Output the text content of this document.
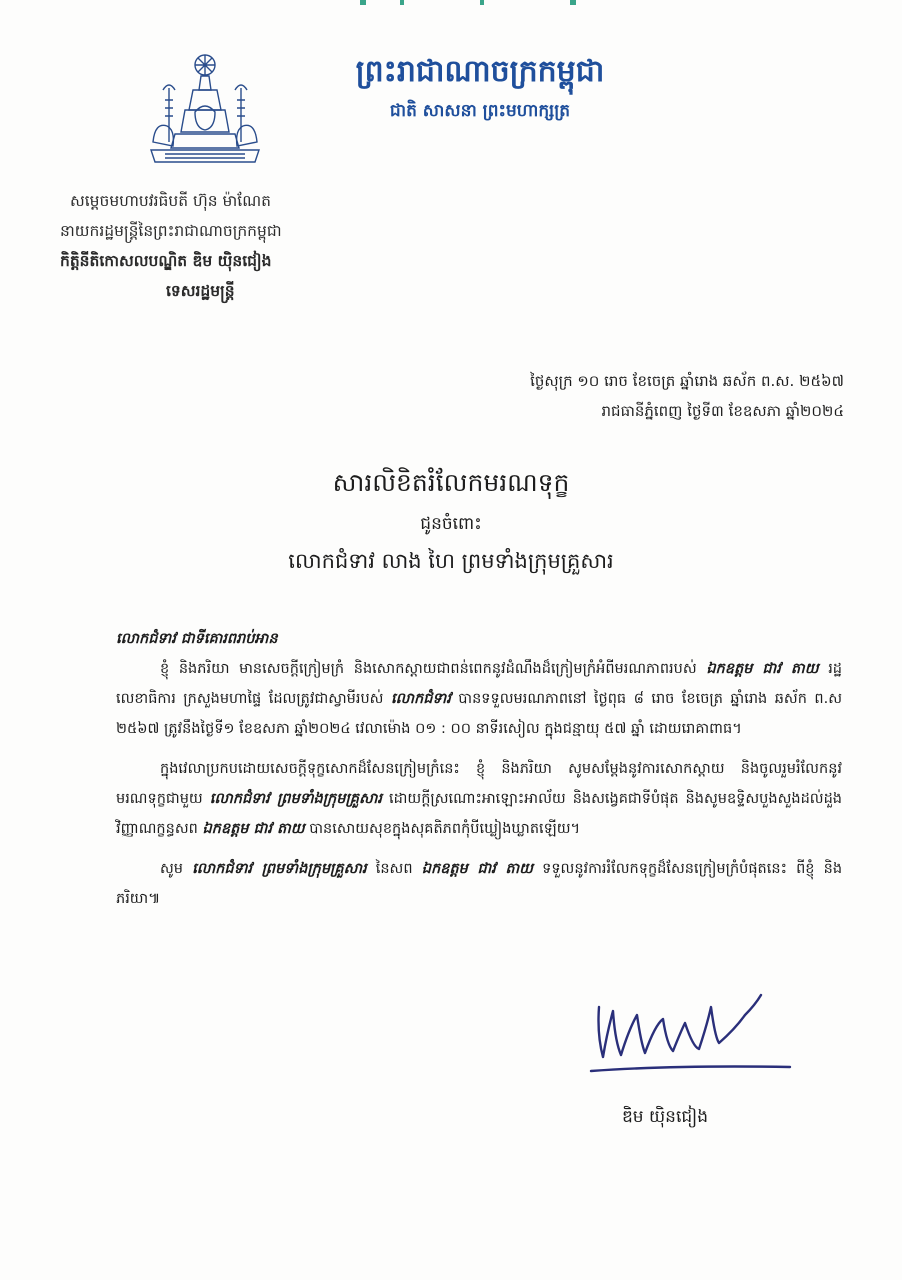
ព្រះរាជាណាចក្រកម្ពុជា
ជាតិ សាសនា ព្រះមហាក្សត្រ
សម្តេចមហាបវរធិបតី ហ៊ុន ម៉ាណែត
នាយករដ្ឋមន្ត្រីនៃព្រះរាជាណាចក្រកម្ពុជា
កិត្តិនីតិកោសលបណ្ឌិត ឌិម យ៉ិនជៀង
ទេសរដ្ឋមន្ត្រី
ថ្ងៃសុក្រ ១០ រោច ខែចេត្រ ឆ្នាំរោង ឆស័ក ព.ស. ២៥៦៧
រាជធានីភ្នំពេញ ថ្ងៃទី៣ ខែឧសភា ឆ្នាំ២០២៤
សារលិខិតរំលែកមរណទុក្ខ
ជូនចំពោះ
លោកជំទាវ លាង ហៃ ព្រមទាំងក្រុមគ្រួសារ
លោកជំទាវ ជាទីគោរពរាប់អាន

ខ្ញុំ និងភរិយា មានសេចក្តីក្រៀមក្រំ និងសោកស្តាយជាពន់ពេកនូវដំណឹងដ៏ក្រៀមក្រំអំពីមរណភាពរបស់ ឯកឧត្តម ជាវ តាយ រដ្ឋលេខាធិការ ក្រសួងមហាផ្ទៃ ដែលត្រូវជាស្វាមីរបស់ លោកជំទាវ បានទទួលមរណភាពនៅ ថ្ងៃពុធ ៨ រោច ខែចេត្រ ឆ្នាំរោង ឆស័ក ព.ស ២៥៦៧ ត្រូវនឹងថ្ងៃទី១ ខែឧសភា ឆ្នាំ២០២៤ វេលាម៉ោង ០១ : ០០ នាទីរសៀល ក្នុងជន្មាយុ ៥៧ ឆ្នាំ ដោយរោគាពាធ។

ក្នុងវេលាប្រកបដោយសេចក្តីទុក្ខសោកដ៏សែនក្រៀមក្រំនេះ ខ្ញុំ និងភរិយា សូមសម្តែងនូវការសោកស្តាយ និងចូលរួមរំលែកនូវមរណទុក្ខជាមួយ លោកជំទាវ ព្រមទាំងក្រុមគ្រួសារ ដោយក្តីស្រណោះអាឡោះអាល័យ និងសង្វេគជាទីបំផុត និងសូមឧទ្ទិសបួងសួងដល់ដួងវិញ្ញាណក្ខន្ធសព ឯកឧត្តម ជាវ តាយ បានសោយសុខក្នុងសុគតិភពកុំបីឃ្លៀងឃ្លាតឡើយ។

សូម លោកជំទាវ ព្រមទាំងក្រុមគ្រួសារ នៃសព ឯកឧត្តម ជាវ តាយ ទទួលនូវការរំលែកទុក្ខដ៏សែនក្រៀមក្រំបំផុតនេះ ពីខ្ញុំ និងភរិយា៕

ឌិម យ៉ិនជៀង
